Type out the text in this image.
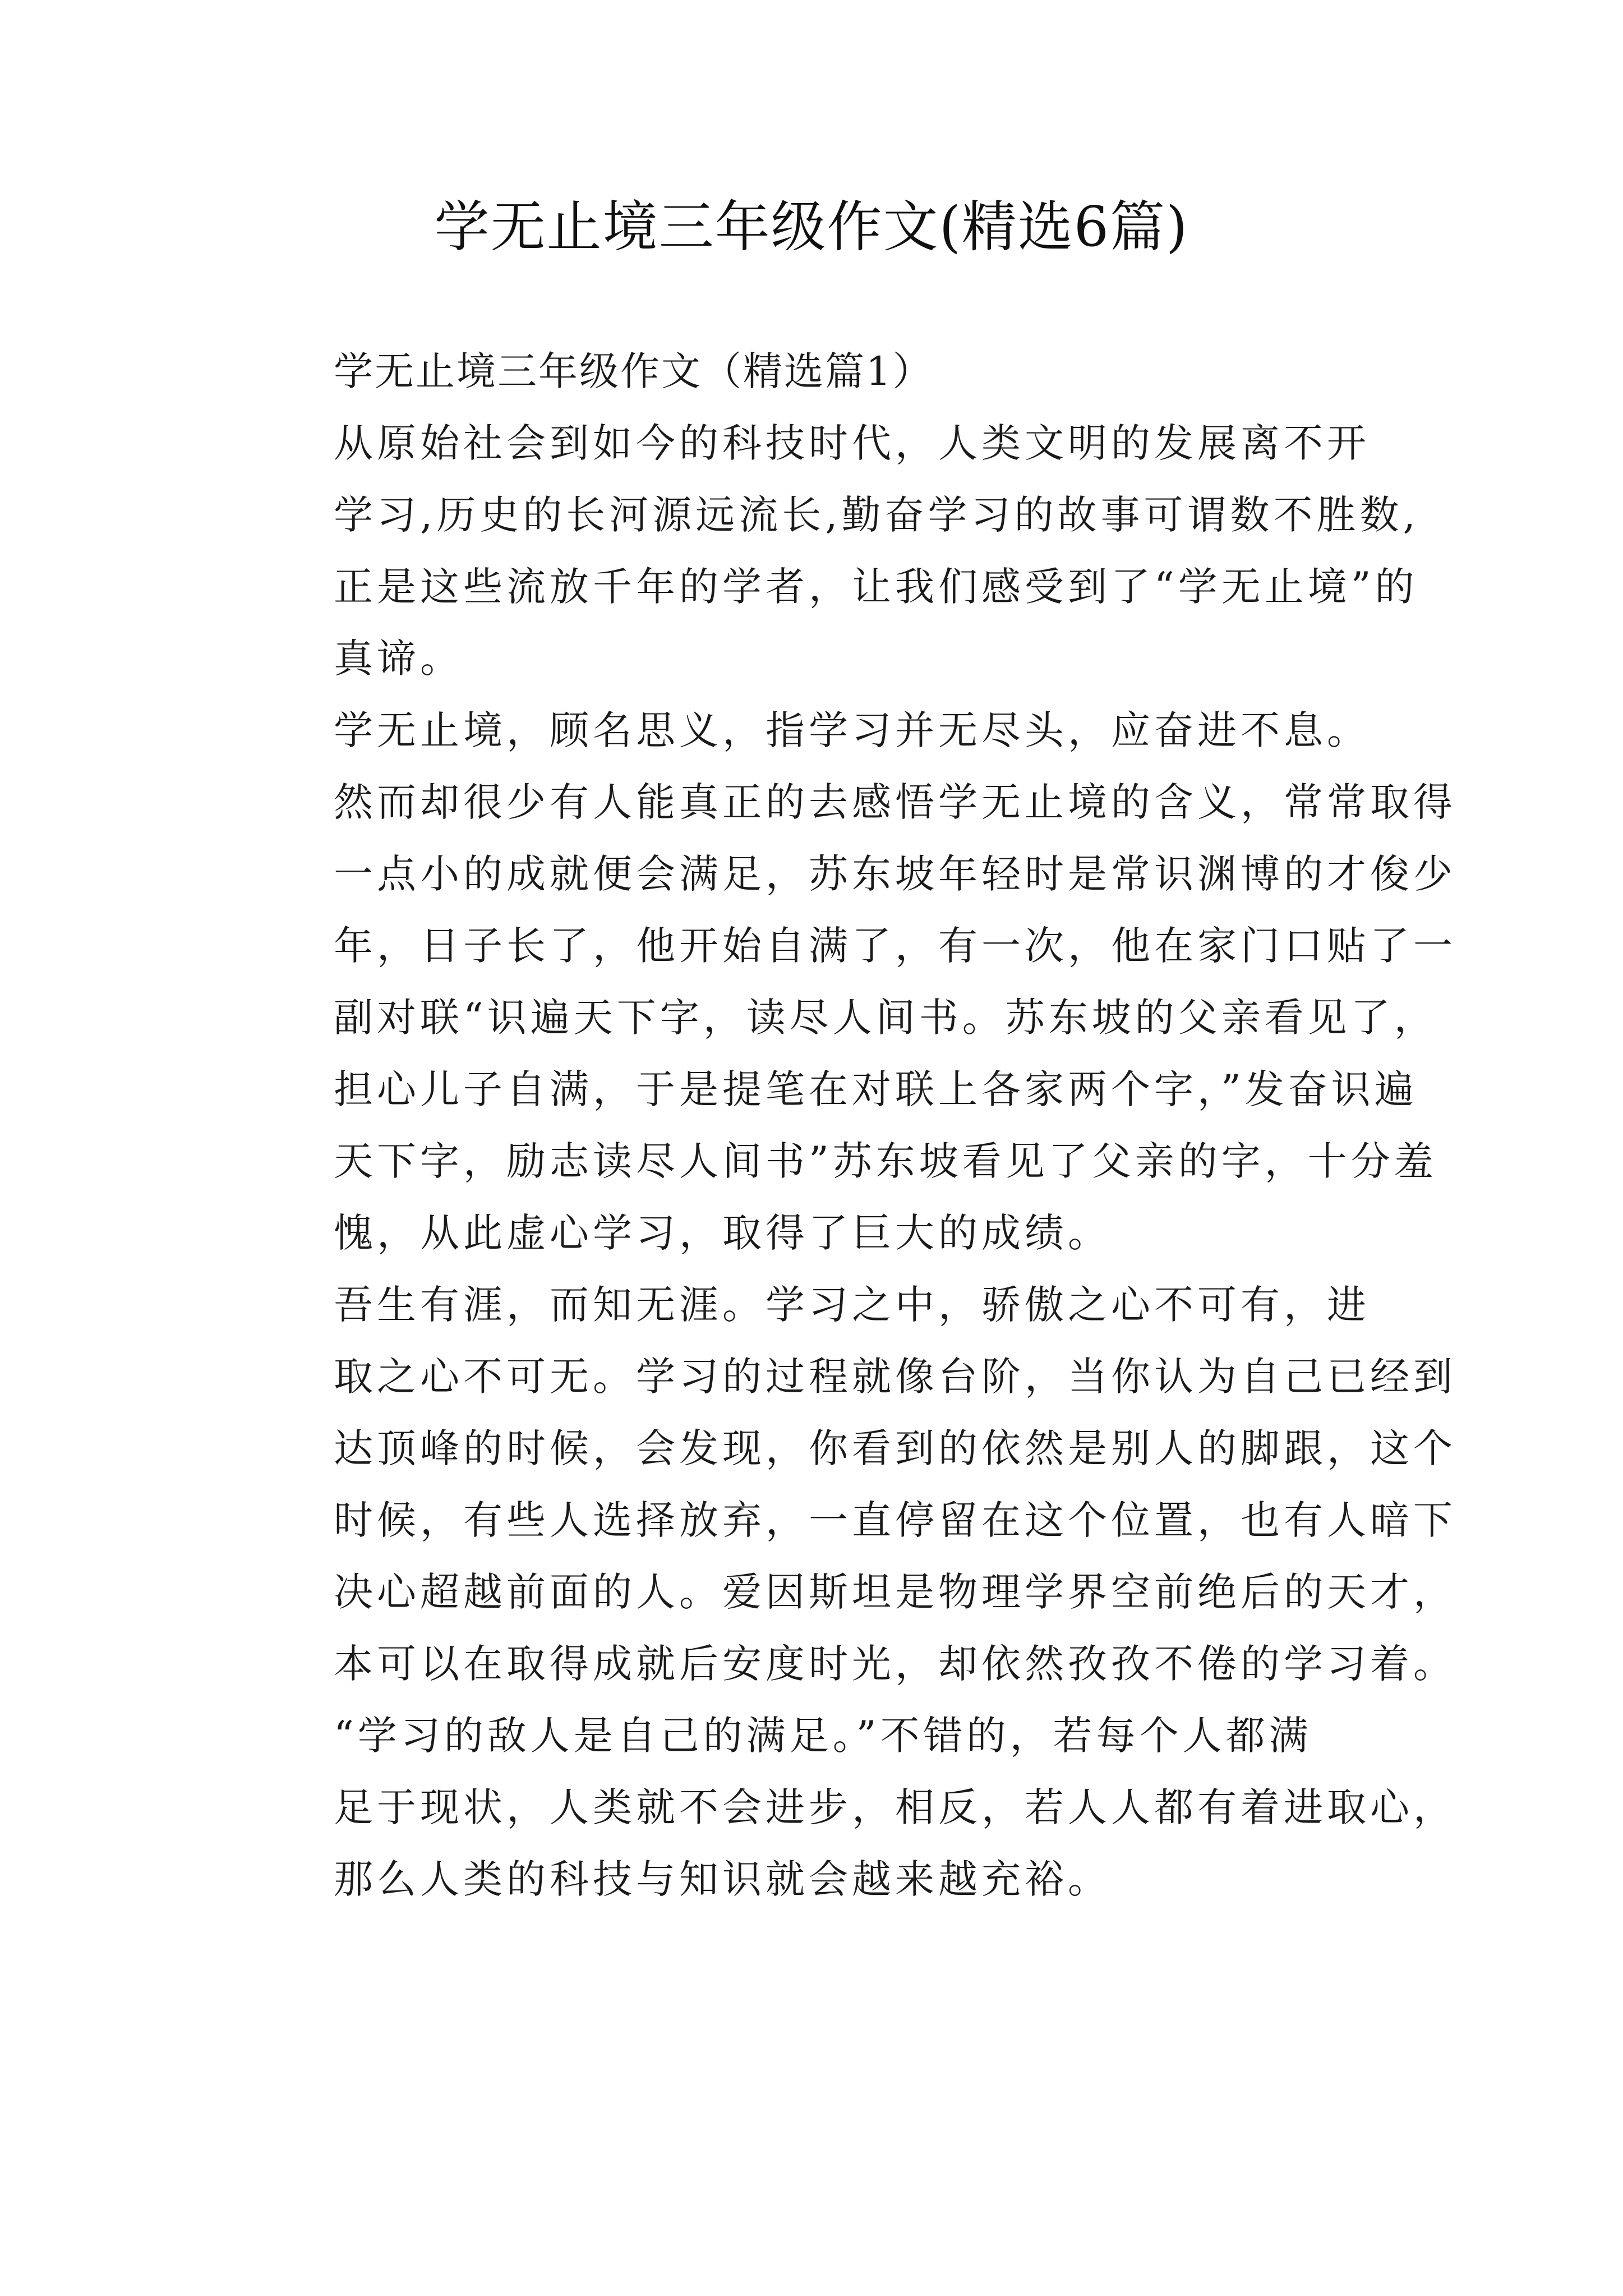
学无止境三年级作文(精选6篇)

学无止境三年级作文（精选篇1）

从原始社会到如今的科技时代，人类文明的发展离不开
学习,历史的长河源远流长,勤奋学习的故事可谓数不胜数,
正是这些流放千年的学者，让我们感受到了“学无止境”的
真谛。

学无止境，顾名思义，指学习并无尽头，应奋进不息。
然而却很少有人能真正的去感悟学无止境的含义，常常取得
一点小的成就便会满足，苏东坡年轻时是常识渊博的才俊少
年，日子长了，他开始自满了，有一次，他在家门口贴了一
副对联“识遍天下字，读尽人间书。苏东坡的父亲看见了，
担心儿子自满，于是提笔在对联上各家两个字，”发奋识遍
天下字，励志读尽人间书”苏东坡看见了父亲的字，十分羞
愧，从此虚心学习，取得了巨大的成绩。

吾生有涯，而知无涯。学习之中，骄傲之心不可有，进
取之心不可无。学习的过程就像台阶，当你认为自己已经到
达顶峰的时候，会发现，你看到的依然是别人的脚跟，这个
时候，有些人选择放弃，一直停留在这个位置，也有人暗下
决心超越前面的人。爱因斯坦是物理学界空前绝后的天才，
本可以在取得成就后安度时光，却依然孜孜不倦的学习着。

“学习的敌人是自己的满足。”不错的，若每个人都满
足于现状，人类就不会进步，相反，若人人都有着进取心，
那么人类的科技与知识就会越来越充裕。
